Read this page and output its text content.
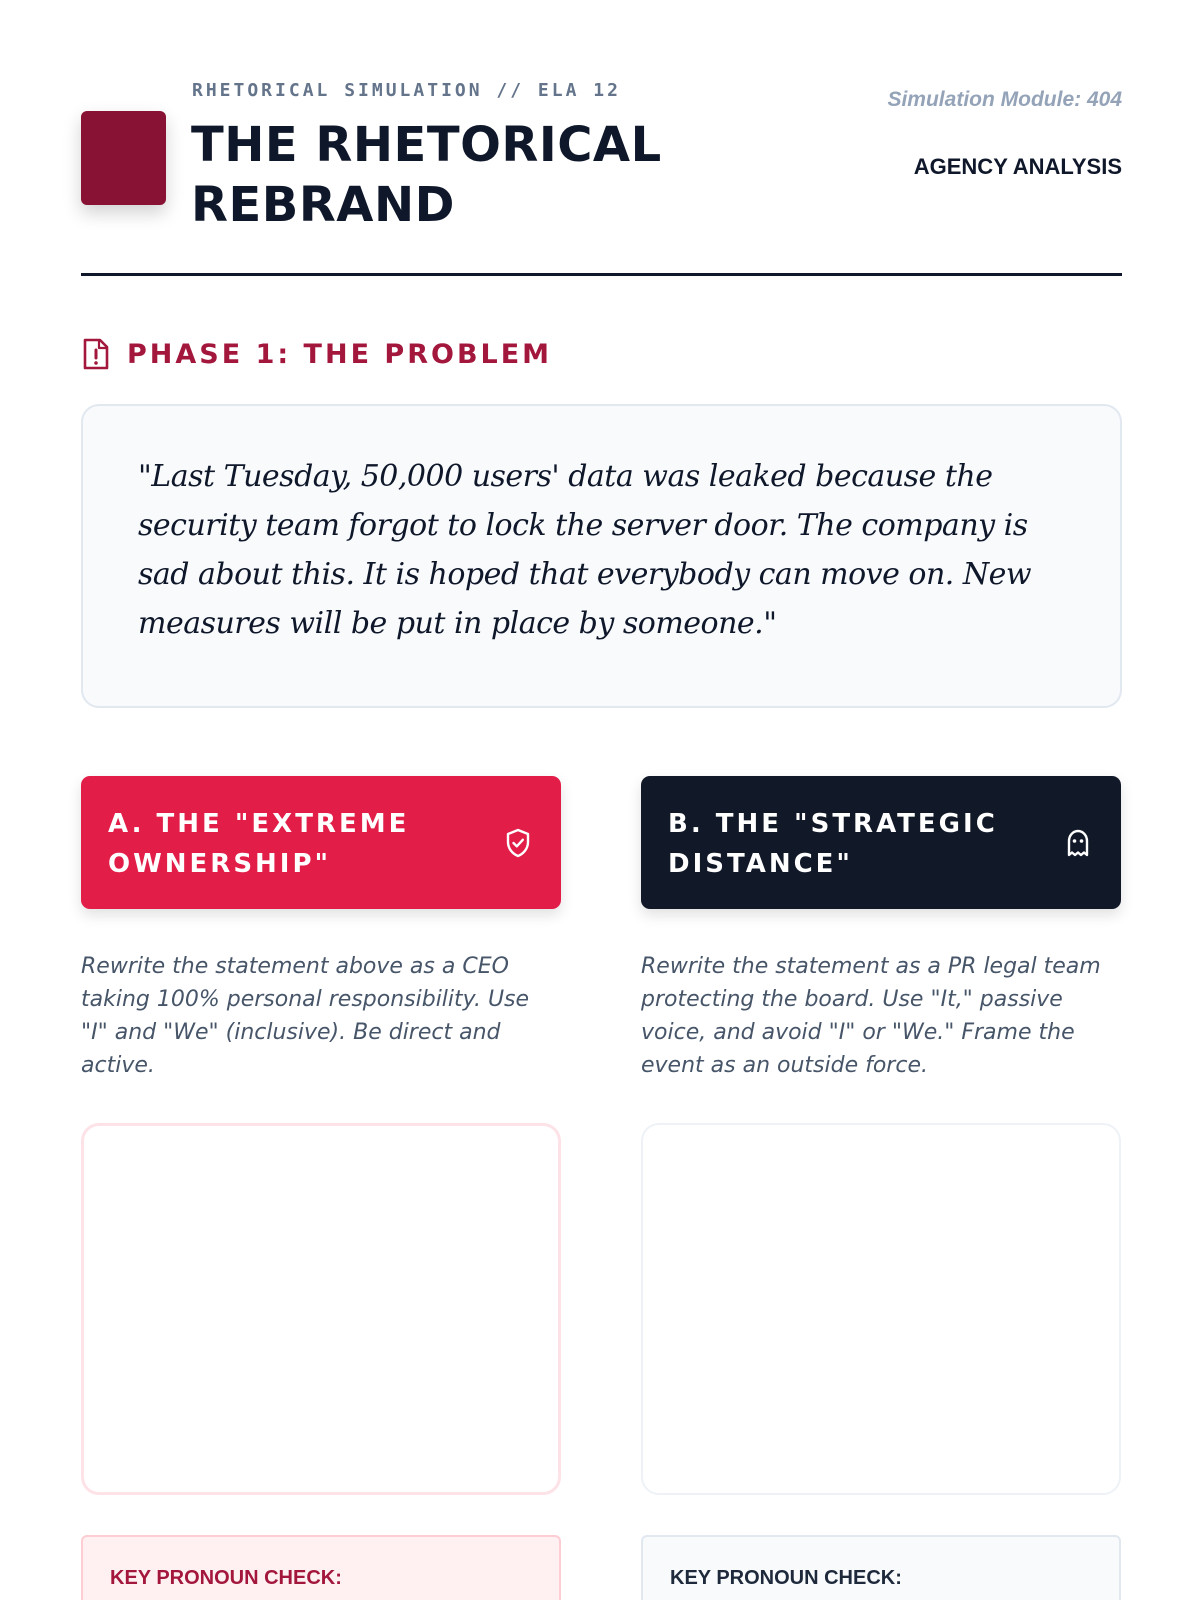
RHETORICAL SIMULATION // ELA 12
THE RHETORICAL REBRAND
Simulation Module: 404
AGENCY ANALYSIS
PHASE 1: THE PROBLEM

"Last Tuesday, 50,000 users' data was leaked because the security team forgot to lock the server door. The company is sad about this. It is hoped that everybody can move on. New measures will be put in place by someone."

A. THE "EXTREME OWNERSHIP"

Rewrite the statement above as a CEO taking 100% personal responsibility. Use "I" and "We" (inclusive). Be direct and active.

KEY PRONOUN CHECK:
B. THE "STRATEGIC DISTANCE"

Rewrite the statement as a PR legal team protecting the board. Use "It," passive voice, and avoid "I" or "We." Frame the event as an outside force.

KEY PRONOUN CHECK:
